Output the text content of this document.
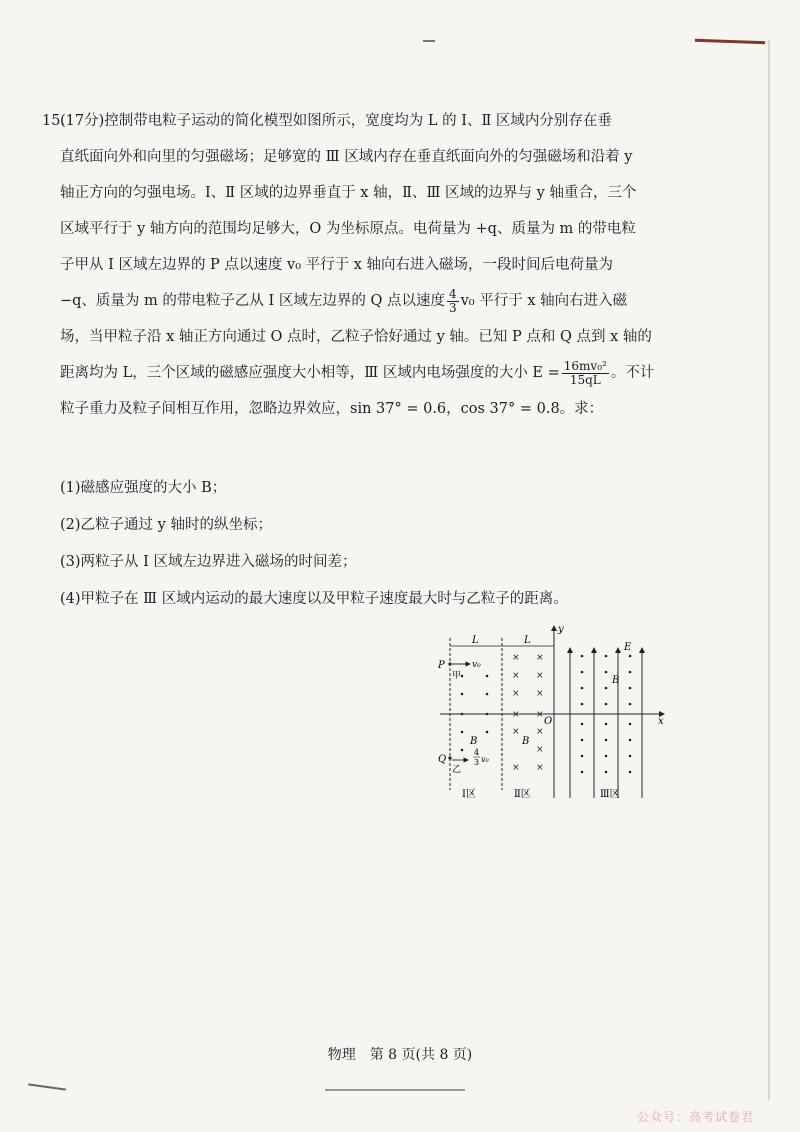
15.
(17分)控制带电粒子运动的简化模型如图所示，宽度均为 L 的 Ⅰ、Ⅱ 区域内分别存在垂
直纸面向外和向里的匀强磁场；足够宽的 Ⅲ 区域内存在垂直纸面向外的匀强磁场和沿着 y
轴正方向的匀强电场。Ⅰ、Ⅱ 区域的边界垂直于 x 轴，Ⅱ、Ⅲ 区域的边界与 y 轴重合，三个
区域平行于 y 轴方向的范围均足够大，O 为坐标原点。电荷量为 +q、质量为 m 的带电粒
子甲从 Ⅰ 区域左边界的 P 点以速度 v₀ 平行于 x 轴向右进入磁场，一段时间后电荷量为
−q、质量为 m 的带电粒子乙从 Ⅰ 区域左边界的 Q 点以速度 $\frac{4}{3} v_0$ 平行于 x 轴向右进入磁
场，当甲粒子沿 x 轴正方向通过 O 点时，乙粒子恰好通过 y 轴。已知 P 点和 Q 点到 x 轴的
距离均为 L，三个区域的磁感应强度大小相等，Ⅲ 区域内电场强度的大小 $E = \frac{\text{16mv₀²}}{15qL}$ 。不计
粒子重力及粒子间相互作用，忽略边界效应，sin 37° = 0.6，cos 37° = 0.8。求：
(1)磁感应强度的大小 B；
(2)乙粒子通过 y 轴时的纵坐标；
(3)两粒子从 Ⅰ 区域左边界进入磁场的时间差；
(4)甲粒子在 Ⅲ 区域内运动的最大速度以及甲粒子速度最大时与乙粒子的距离。
L	L
y
x
O
× ×
× ×
× ×
× ×
× ×
×
× ×
E
B
B	B
P	v₀
甲
Q
乙
4
3 v₀
Ⅰ区	Ⅱ区	Ⅲ区
物理　第 8 页(共 8 页)
公众号：高考试卷君
